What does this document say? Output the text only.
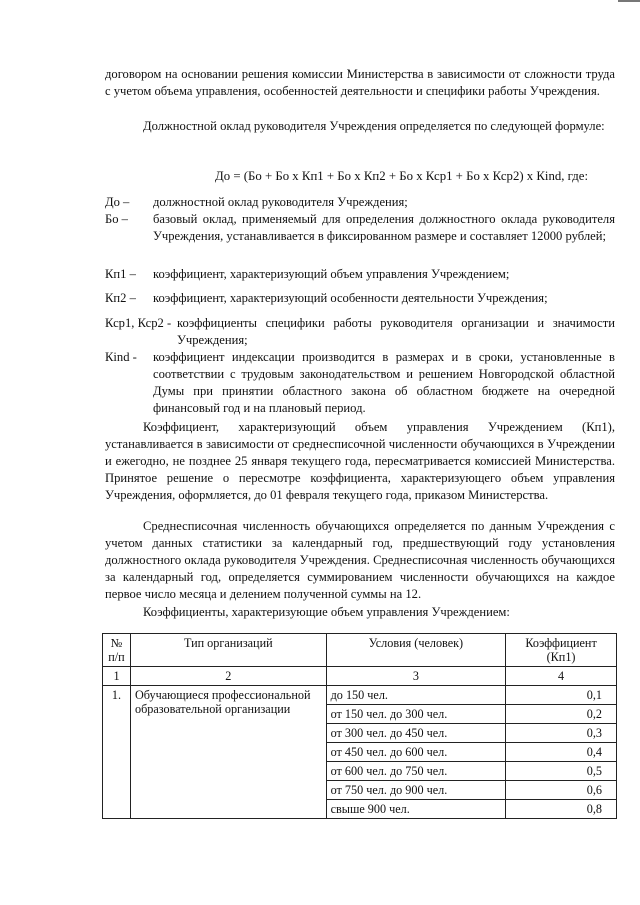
договором на основании решения комиссии Министерства в зависимости от сложности труда с учетом объема управления, особенностей деятельности и специфики работы Учреждения.
Должностной оклад руководителя Учреждения определяется по следующей формуле:
Дo = (Бo + Бo х Кп1 + Бo х Кп2 + Бo х Кср1 + Бo х Кср2) х Кind, где:
Дo – должностной оклад руководителя Учреждения;
Бo – базовый оклад, применяемый для определения должностного оклада руководителя Учреждения, устанавливается в фиксированном размере и составляет 12000 рублей;
Кп1 – коэффициент, характеризующий объем управления Учреждением;
Кп2 – коэффициент, характеризующий особенности деятельности Учреждения;
Кср1, Кср2 - коэффициенты специфики работы руководителя организации и значимости Учреждения;
Кind - коэффициент индексации производится в размерах и в сроки, установленные в соответствии с трудовым законодательством и решением Новгородской областной Думы при принятии областного закона об областном бюджете на очередной финансовый год и на плановый период.
Коэффициент, характеризующий объем управления Учреждением (Кп1), устанавливается в зависимости от среднесписочной численности обучающихся в Учреждении и ежегодно, не позднее 25 января текущего года, пересматривается комиссией Министерства. Принятое решение о пересмотре коэффициента, характеризующего объем управления Учреждения, оформляется, до 01 февраля текущего года, приказом Министерства.
Среднесписочная численность обучающихся определяется по данным Учреждения с учетом данных статистики за календарный год, предшествующий году установления должностного оклада руководителя Учреждения. Среднесписочная численность обучающихся за календарный год, определяется суммированием численности обучающихся на каждое первое число месяца и делением полученной суммы на 12.
Коэффициенты, характеризующие объем управления Учреждением:
№ п/п	Тип организаций	Условия (человек)	Коэффициент (Кп1)
1	2	3	4
1.	Обучающиеся профессиональной образовательной организации	до 150 чел.	0,1
		от 150 чел. до 300 чел.	0,2
		от 300 чел. до 450 чел.	0,3
		от 450 чел. до 600 чел.	0,4
		от 600 чел. до 750 чел.	0,5
		от 750 чел. до 900 чел.	0,6
		свыше 900 чел.	0,8
